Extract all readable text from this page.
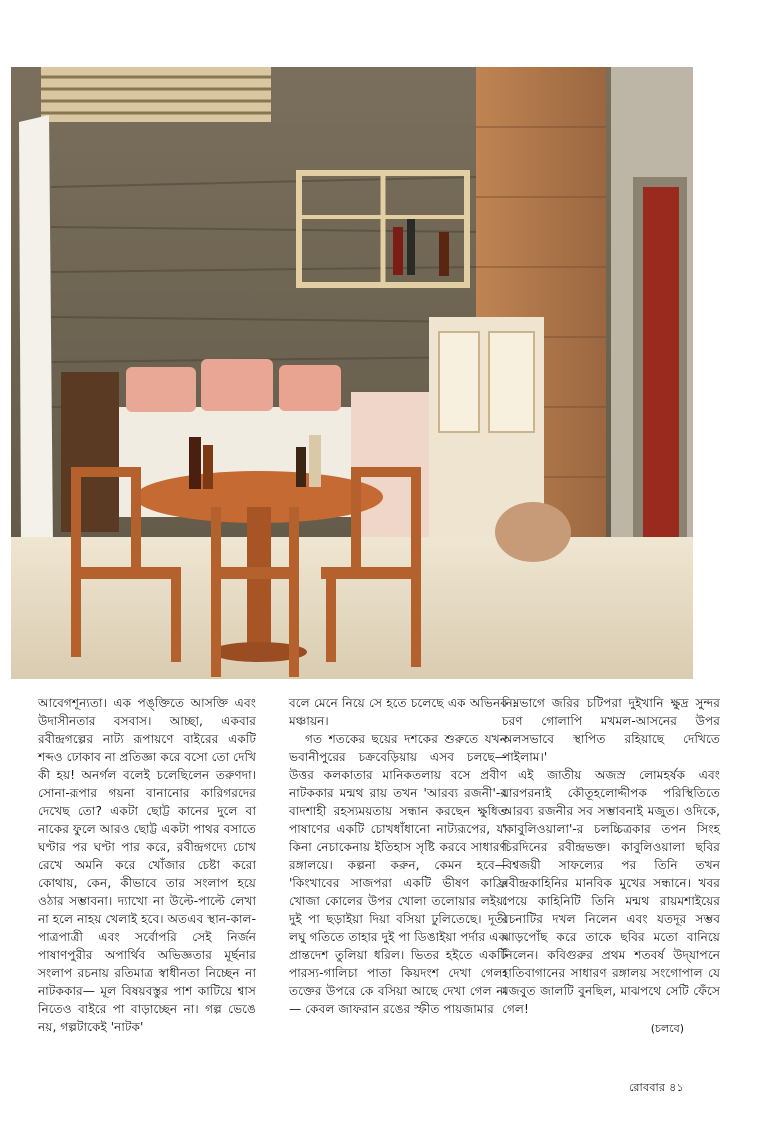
আবেগশূন্যতা। এক পঙ্‌ক্তিতে আসক্তি এবং উদাসীনতার বসবাস। আচ্ছা, একবার রবীন্দ্রগল্পের নাট্য রূপায়ণে বাইরের একটি শব্দও ঢোকাব না প্রতিজ্ঞা করে বসো তো দেখি কী হয়! অনর্গল বলেই চলেছিলেন তরুণদা। সোনা-রূপার গয়না বানানোর কারিগরদের দেখেছ তো? একটা ছোট্ট কানের দুলে বা নাকের ফুলে আরও ছোট্ট একটা পাথর বসাতে ঘণ্টার পর ঘণ্টা পার করে, রবীন্দ্রগদ্যে চোখ রেখে অমনি করে খোঁজার চেষ্টা করো কোথায়, কেন, কীভাবে তার সংলাপ হয়ে ওঠার সম্ভাবনা। দ্যাখো না উল্টে-পাল্টে লেখা না হলে নাহয় খেলাই হবে। অতএব স্থান-কাল-পাত্রপাত্রী এবং সর্বোপরি সেই নির্জন পাষাণপুরীর অপার্থিব অভিজ্ঞতার মূর্ছনার সংলাপ রচনায় রতিমাত্র স্বাধীনতা নিচ্ছেন না নাটককার— মূল বিষয়বস্তুর পাশ কাটিয়ে শ্বাস নিতেও বাইরে পা বাড়াচ্ছেন না। গল্প ভেঙে নয়, গল্পটাকেই 'নাটক'

বলে মেনে নিয়ে সে হতে চলেছে এক অভিনব মঞ্চায়ন।

গত শতকের ছয়ের দশকের শুরুতে যখন ভবানীপুরের চক্রবেড়িয়ায় এসব চলছে— উত্তর কলকাতার মানিকতলায় বসে প্রবীণ নাটককার মন্মথ রায় তখন 'আরব্য রজনী'-র বাদশাহী রহস্যময়তায় সন্ধান করছেন ক্ষুধিত পাষাণের একটি চোখধাঁধানো নাট্যরূপের, যা কিনা নেচাকেনায় ইতিহাস সৃষ্টি করবে সাধারণ রঙ্গালয়ে। কল্পনা করুন, কেমন হবে— 'কিংখাবের সাজপরা একটি ভীষণ কাফ্রি খোজা কোলের উপর খোলা তলোয়ার লইয়া দুই পা ছড়াইয়া দিয়া বসিয়া ঢুলিতেছে। দূতী লঘু গতিতে তাহার দুই পা ডিঙাইয়া পর্দার এক প্রান্তদেশ তুলিয়া ধরিল। ভিতর হইতে একটি পারস্য-গালিচা পাতা কিয়দংশ দেখা গেল। তক্তের উপরে কে বসিয়া আছে দেখা গেল না— কেবল জাফরান রঙের স্ফীত পায়জামার

নিম্নভাগে জরির চটিপরা দুইখানি ক্ষুদ্র সুন্দর চরণ গোলাপি মখমল-আসনের উপর অলসভাবে স্থাপিত রহিয়াছে দেখিতে পাইলাম।'

এই জাতীয় অজস্র লোমহর্ষক এবং যারপরনাই কৌতূহলোদ্দীপক পরিস্থিতিতে আরব্য রজনীর সব সম্ভাবনাই মজুত। ওদিকে, 'কাবুলিওয়ালা'-র চলচ্চিত্রকার তপন সিংহ চিরদিনের রবীন্দ্রভক্ত। কাবুলিওয়ালা ছবির বিশ্বজয়ী সাফল্যের পর তিনি তখন রবীন্দ্রকাহিনির মানবিক মুখের সন্ধানে। খবর পেয়ে কাহিনিটি তিনি মন্মথ রায়মশাইয়ের রচনাটির দখল নিলেন এবং যতদূর সম্ভব ঝাড়পোঁছ করে তাকে ছবির মতো বানিয়ে নিলেন। কবিগুরুর প্রথম শতবর্ষ উদ্‌যাপনে হাতিবাগানের সাধারণ রঙ্গালয় সংগোপাল যে মজবুত জালটি বুনছিল, মাঝপথে সেটি ফেঁসে গেল!

(চলবে)
রোববার ৪১
